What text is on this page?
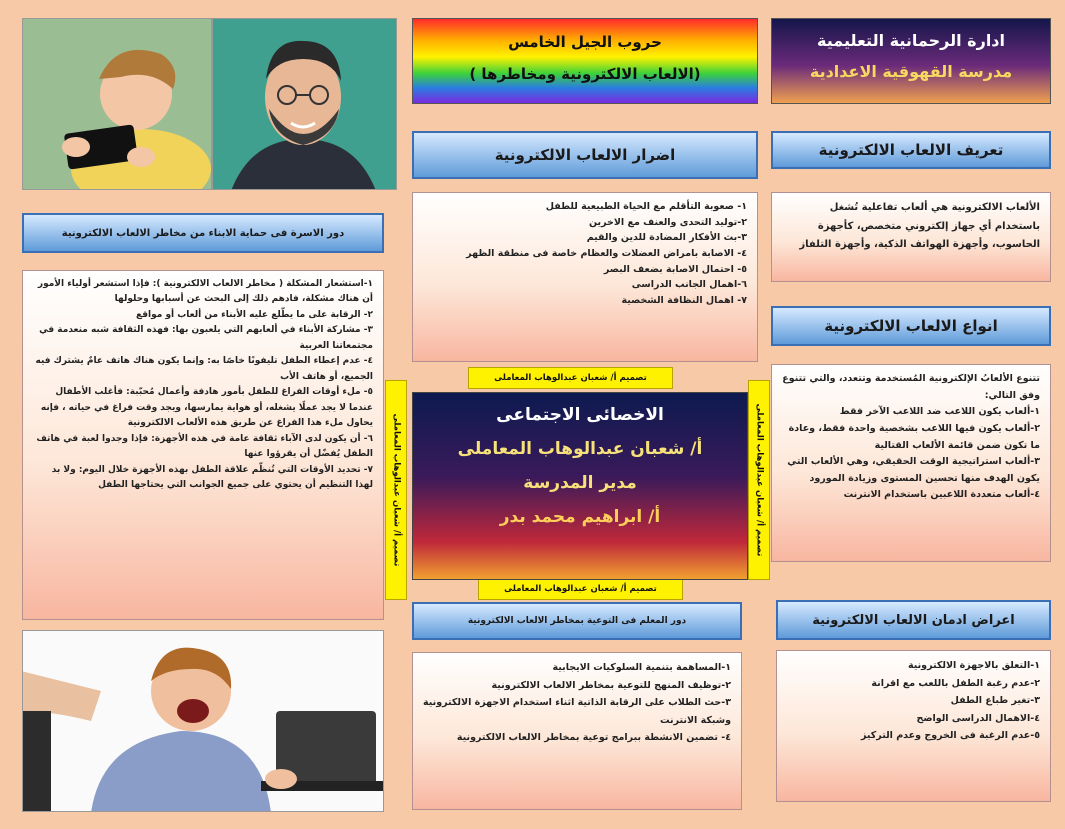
ادارة الرحمانية التعليمية
مدرسة القهوقية الاعدادية
حروب الجيل الخامس
(الالعاب الالكترونية ومخاطرها )
تعريف الالعاب الالكترونية

الألعاب الالكترونية هي ألعاب تفاعلية تُشغل باستخدام أي جهاز إلكتروني متخصص، كأجهزة الحاسوب، وأجهزة الهواتف الذكية، وأجهزة التلفاز

اضرار الالعاب الالكترونية

١- صعوبة التأقلم مع الحياة الطبيعية للطفل

٢-توليد التحدى والعنف مع الاخرين

٣-بث الأفكار المضادة للدين والقيم

٤- الاصابة بامراض العضلات والعظام خاصة فى منطقة الظهر

٥- احتمال الاصابة بضعف البصر

٦-اهمال الجانب الدراسى

٧- اهمال النظافة الشخصية

انواع الالعاب الالكترونية

تتنوع الألعابُ الإلكترونية المُستخدمة وتتعدد، والتي تتنوع وفق التالي:

١-ألعاب يكون اللاعب ضد اللاعب الآخر فقط

٢-ألعاب يكون فيها اللاعب بشخصية واحدة فقط، وعادة ما تكون ضمن قائمة الألعاب القتالية

٣-ألعاب استراتيجية الوقت الحقيقي، وهي الألعاب التي يكون الهدف منها تحسين المستوى وزيادة المورود

٤-ألعاب متعددة اللاعبين باستخدام الانترنت

دور الاسرة فى حماية الابناء من مخاطر الالعاب الالكترونية

١-استشعار المشكلة ( مخاطر الالعاب الالكترونية ): فإذا استشعر أولياء الأمور أن هناك مشكلة، فادهم ذلك إلى البحث عن أسبابها وحلولها

٢- الرقابة على ما يطّلع عليه الأبناء من ألعاب أو مواقع

٣- مشاركة الأبناء في ألعابهم التي يلعبون بها: فهذه الثقافة شبه منعدمة في مجتمعاتنا العربية

٤- عدم إعطاء الطفل تليفونًا خاصًا به: وإنما يكون هناك هاتف عامٌ يشترك فيه الجميع، أو هاتف الأب

٥- ملء أوقات الفراغ للطفل بأمور هادفة وأعمال مُحبّبة: فأغلب الأطفال عندما لا يجد عملًا يشغله، أو هواية يمارسها، ويجد وقت فراغ في حياته ، فإنه يحاول ملء هذا الفراغ عن طريق هذه الألعاب الالكترونية

٦- أن يكون لدى الآباء ثقافة عامة في هذه الأجهزة: فإذا وجدوا لعبة في هاتف الطفل يُفضّل أن يقرؤوا عنها

٧- تحديد الأوقات التي تُنظّم علاقة الطفل بهذه الأجهزة خلال اليوم: ولا بد لهذا التنظيم أن يحتوي على جميع الجوانب التي يحتاجها الطفل

تصميم أ/ شعبان عبدالوهاب المعاملى
تصميم أ/ شعبان عبدالوهاب المعاملى
تصميم أ/ شعبان عبدالوهاب المعاملى	تصميم أ/ شعبان عبدالوهاب المعاملى
الاخصائى الاجتماعى
أ/ شعبان عبدالوهاب المعاملى
مدير المدرسة
أ/ ابراهيم محمد بدر
دور المعلم فى التوعية بمخاطر الالعاب الالكترونية

١-المساهمة بتنمية السلوكيات الايجابية

٢-توظيف المنهج للتوعية بمخاطر الالعاب الالكترونية

٣-حث الطلاب على الرقابة الذاتية اثناء استخدام الاجهزة الالكترونية وشبكة الانترنت

٤- تضمين الانشطة ببرامج توعية بمخاطر الالعاب الالكترونية

اعراض ادمان الالعاب الالكترونية

١-التعلق بالاجهزة الالكترونية

٢-عدم رغبة الطفل باللعب مع اقرانة

٣-تغير طباع الطفل

٤-الاهمال الدراسى الواضح

٥-عدم الرغبة فى الخروج وعدم التركيز
